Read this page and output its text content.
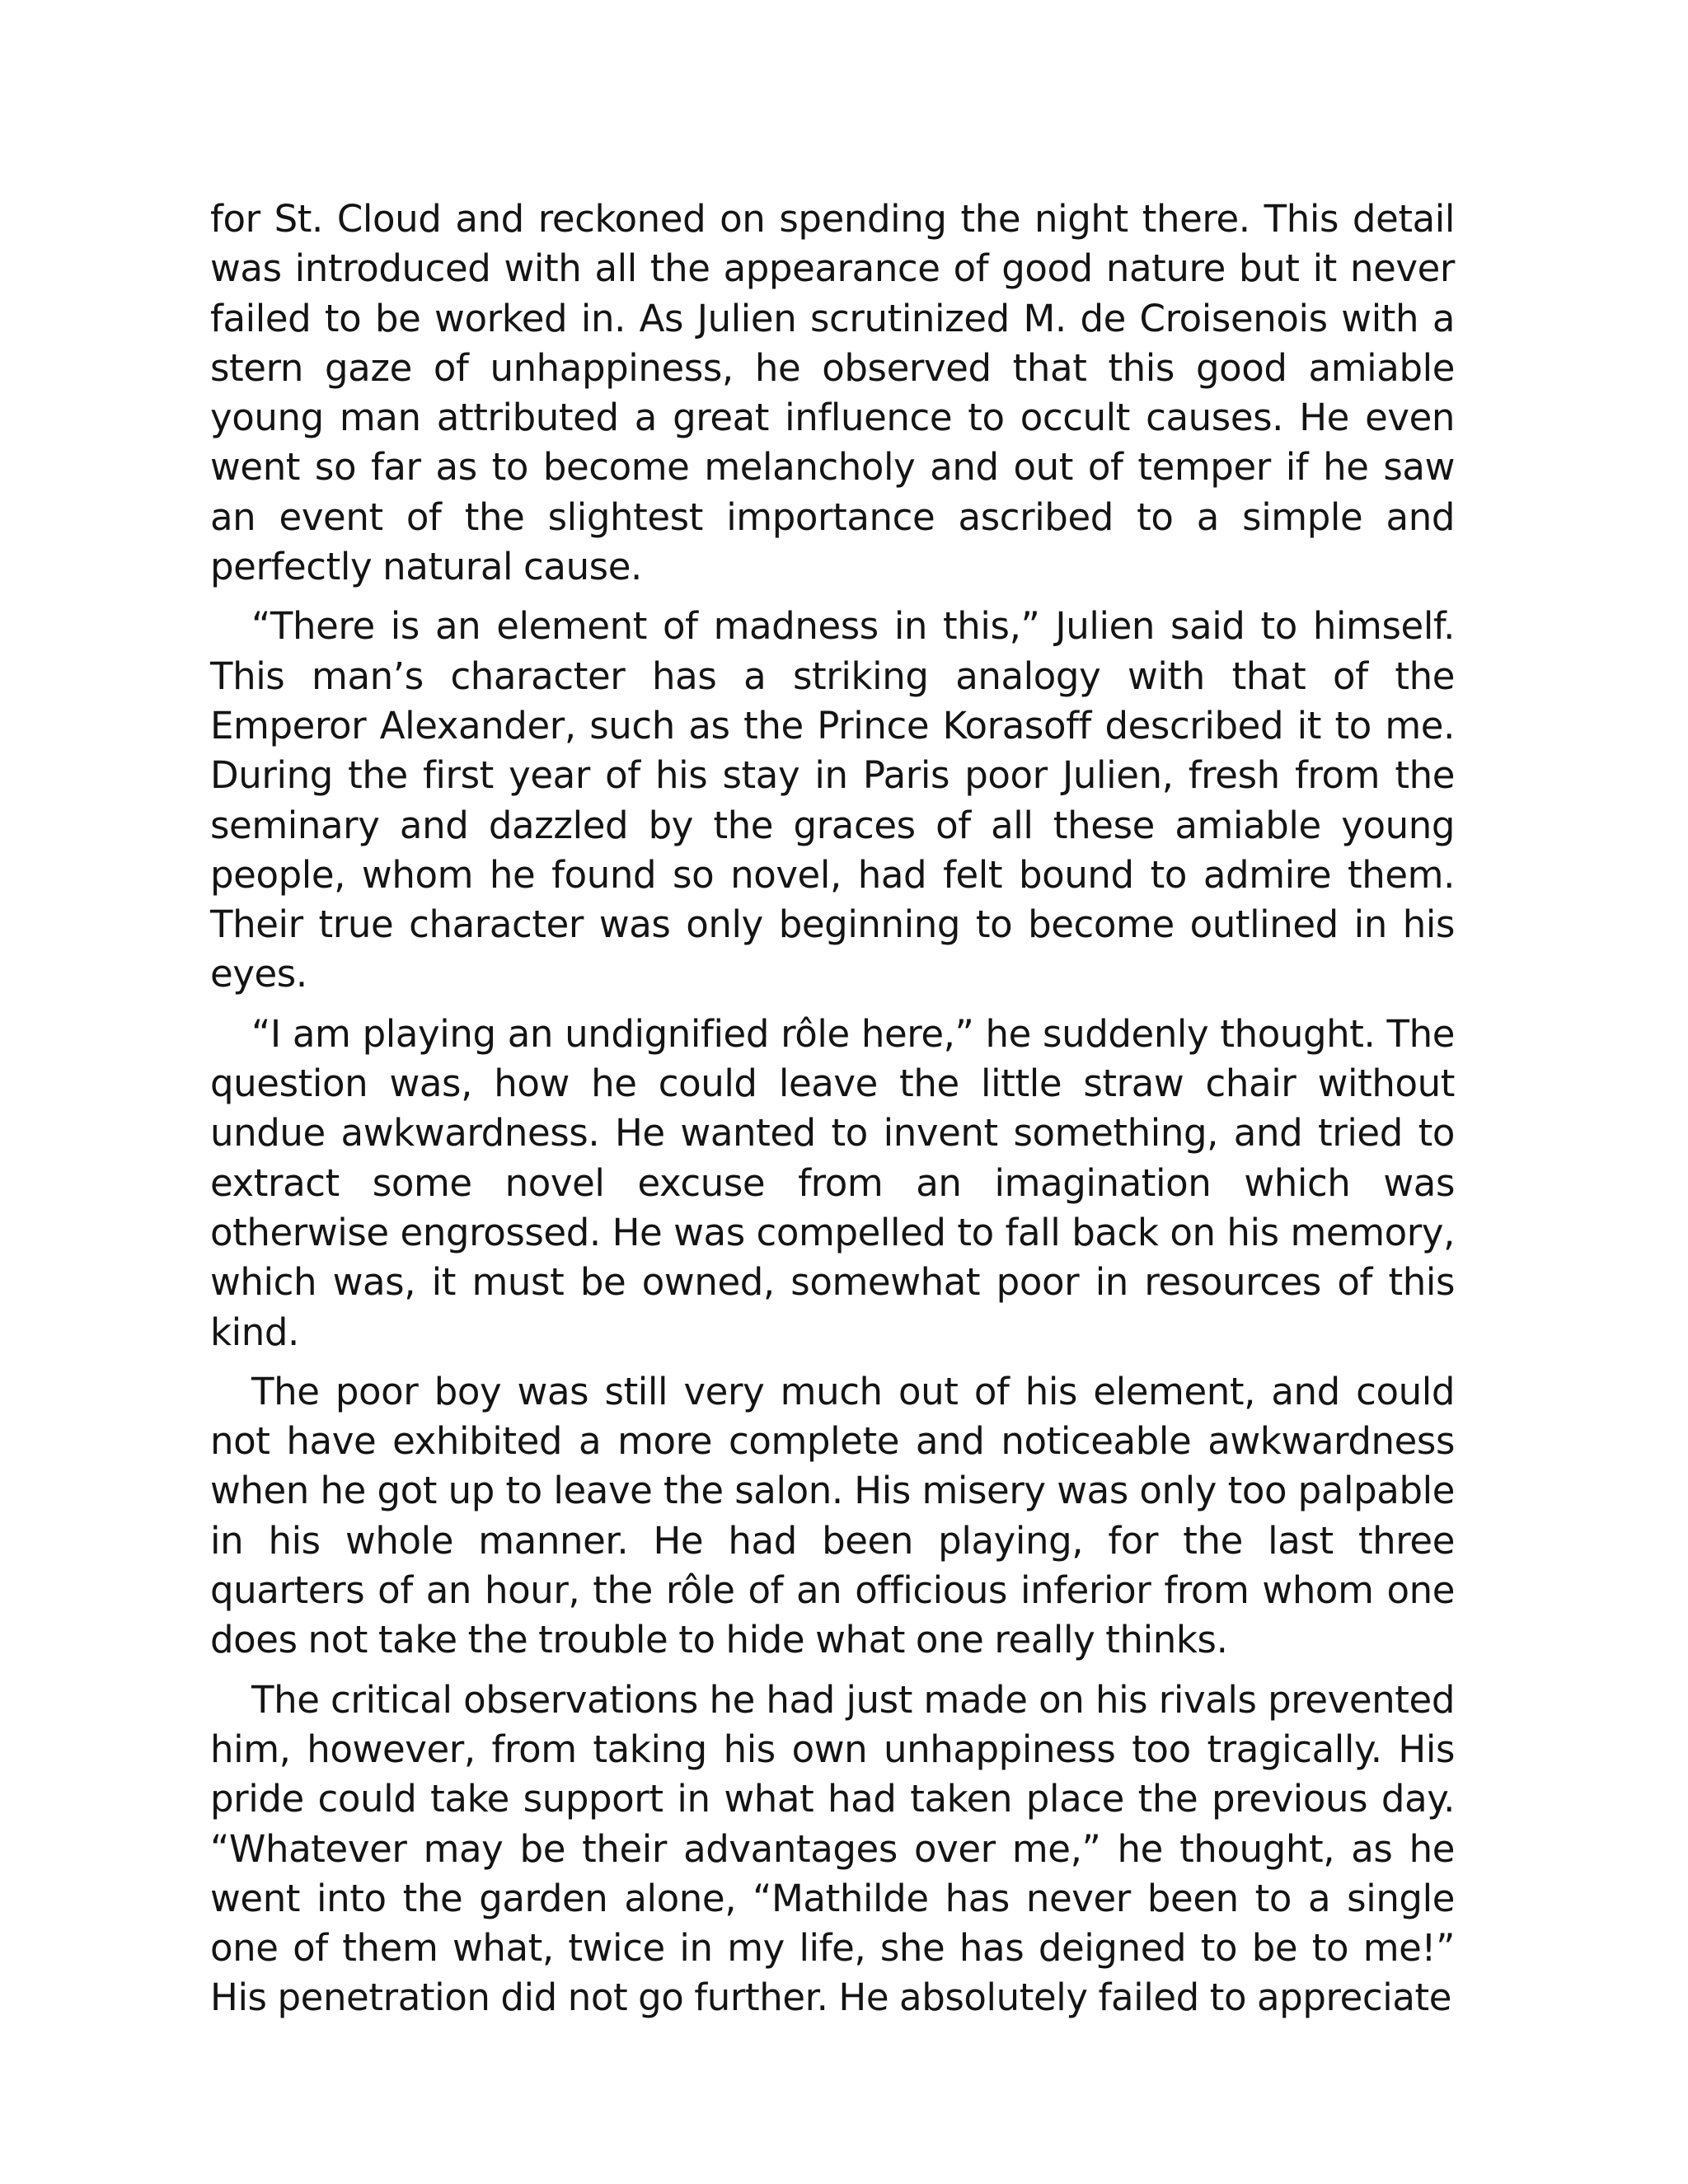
for St. Cloud and reckoned on spending the night there. This detail was introduced with all the appearance of good nature but it never failed to be worked in. As Julien scrutinized M. de Croisenois with a stern gaze of unhappiness, he observed that this good amiable young man attributed a great influence to occult causes. He even went so far as to become melancholy and out of temper if he saw an event of the slightest importance ascribed to a simple and perfectly natural cause.

“There is an element of madness in this,” Julien said to himself. This man’s character has a striking analogy with that of the Emperor Alexander, such as the Prince Korasoff described it to me. During the first year of his stay in Paris poor Julien, fresh from the seminary and dazzled by the graces of all these amiable young people, whom he found so novel, had felt bound to admire them. Their true character was only beginning to become outlined in his eyes.

“I am playing an undignified rôle here,” he suddenly thought. The question was, how he could leave the little straw chair without undue awkwardness. He wanted to invent something, and tried to extract some novel excuse from an imagination which was otherwise engrossed. He was compelled to fall back on his memory, which was, it must be owned, somewhat poor in resources of this kind.

The poor boy was still very much out of his element, and could not have exhibited a more complete and noticeable awkwardness when he got up to leave the salon. His misery was only too palpable in his whole manner. He had been playing, for the last three quarters of an hour, the rôle of an officious inferior from whom one does not take the trouble to hide what one really thinks.

The critical observations he had just made on his rivals prevented him, however, from taking his own unhappiness too tragically. His pride could take support in what had taken place the previous day. “Whatever may be their advantages over me,” he thought, as he went into the garden alone, “Mathilde has never been to a single one of them what, twice in my life, she has deigned to be to me!” His penetration did not go further. He absolutely failed to appreciate
